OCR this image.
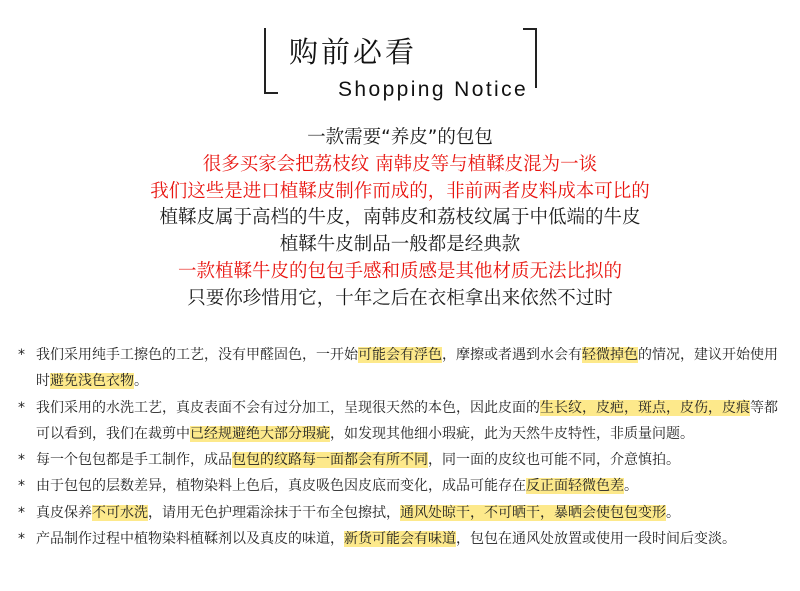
购前必看
Shopping Notice
一款需要“养皮”的包包
很多买家会把荔枝纹 南韩皮等与植鞣皮混为一谈
我们这些是进口植鞣皮制作而成的，非前两者皮料成本可比的
植鞣皮属于高档的牛皮，南韩皮和荔枝纹属于中低端的牛皮
植鞣牛皮制品一般都是经典款
一款植鞣牛皮的包包手感和质感是其他材质无法比拟的
只要你珍惜用它，十年之后在衣柜拿出来依然不过时
* 我们采用纯手工擦色的工艺，没有甲醛固色，一开始可能会有浮色，摩擦或者遇到水会有轻微掉色的情况，建议开始使用时避免浅色衣物。
* 我们采用的水洗工艺，真皮表面不会有过分加工，呈现很天然的本色，因此皮面的生长纹，皮疤，斑点，皮伤，皮痕等都可以看到，我们在裁剪中已经规避绝大部分瑕疵，如发现其他细小瑕疵，此为天然牛皮特性，非质量问题。
* 每一个包包都是手工制作，成品包包的纹路每一面都会有所不同，同一面的皮纹也可能不同，介意慎拍。
* 由于包包的层数差异，植物染料上色后，真皮吸色因皮底而变化，成品可能存在反正面轻微色差。
* 真皮保养不可水洗，请用无色护理霜涂抹于干布全包擦拭，通风处晾干，不可晒干，暴晒会使包包变形。
* 产品制作过程中植物染料植鞣剂以及真皮的味道，新货可能会有味道，包包在通风处放置或使用一段时间后变淡。
